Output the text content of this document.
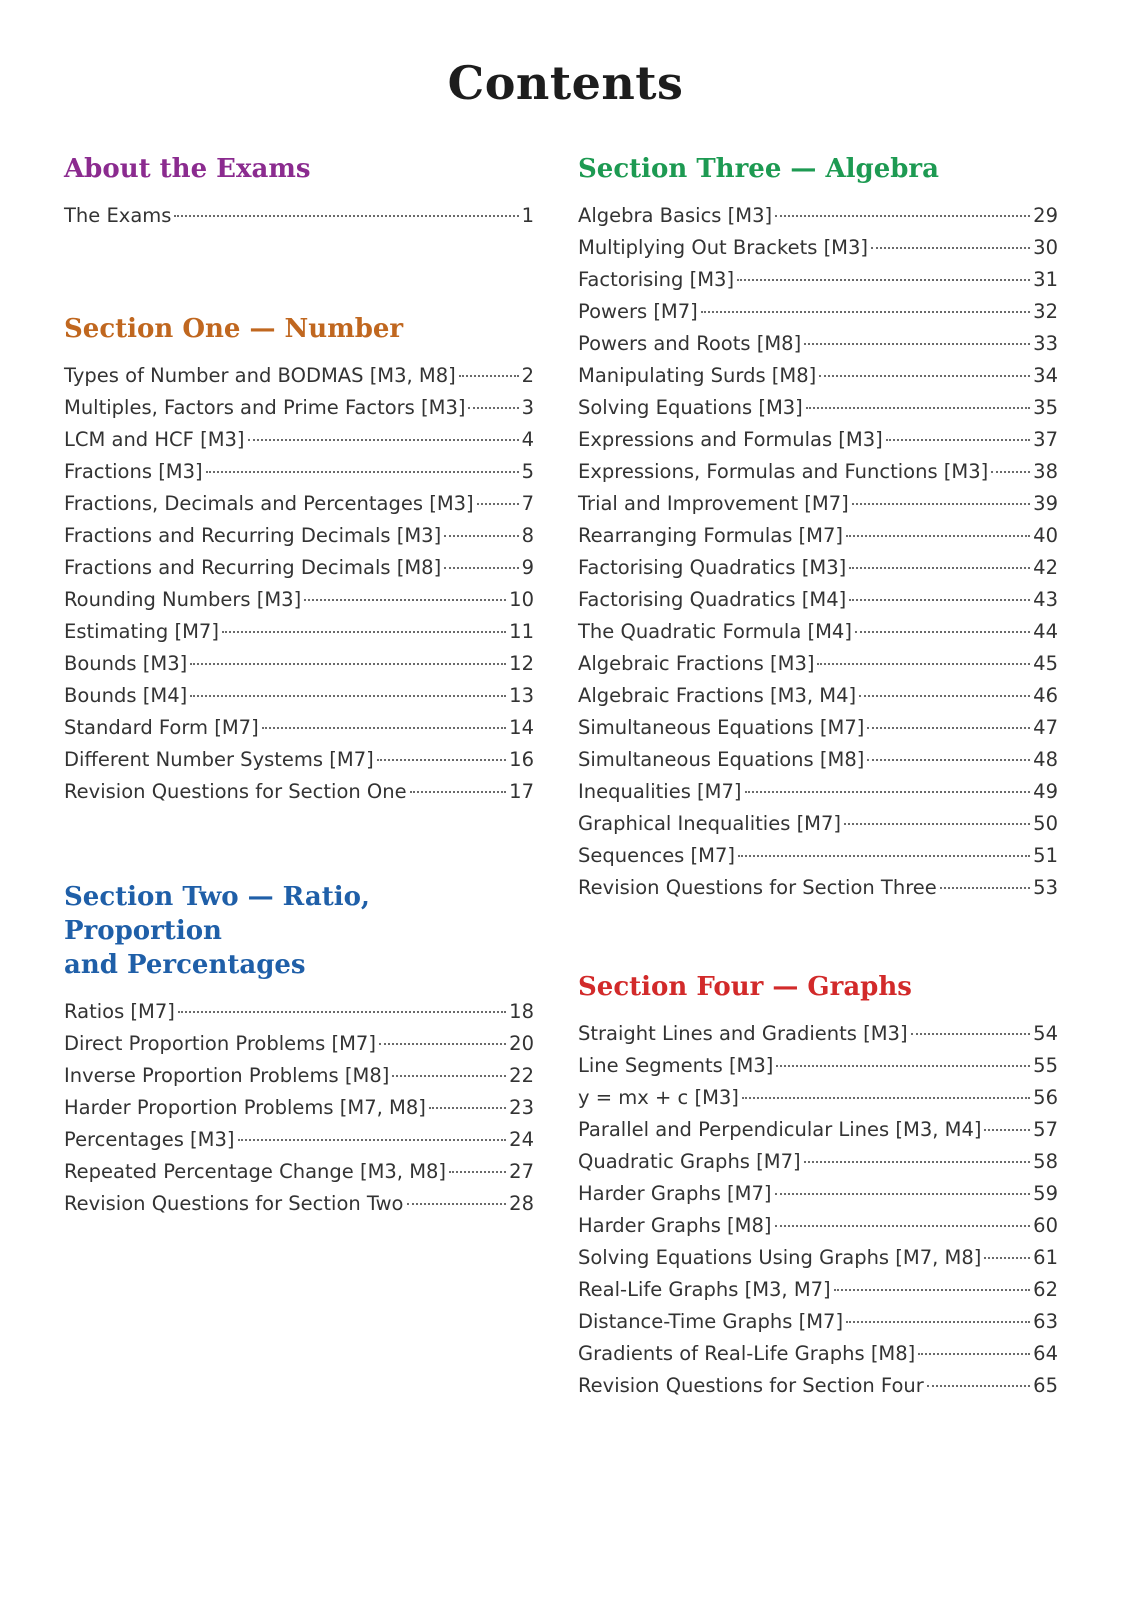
Contents
About the Exams
The Exams	1
Section One — Number
Types of Number and BODMAS [M3, M8]	2
Multiples, Factors and Prime Factors [M3]	3
LCM and HCF [M3]	4
Fractions [M3]	5
Fractions, Decimals and Percentages [M3] 7
Fractions and Recurring Decimals [M3]	8
Fractions and Recurring Decimals [M8]	9
Rounding Numbers [M3]	10
Estimating [M7]	11
Bounds [M3]	12
Bounds [M4]	13
Standard Form [M7]	14
Different Number Systems [M7]	16
Revision Questions for Section One	17
Section Two — Ratio, Proportion
and Percentages
Ratios [M7]	18
Direct Proportion Problems [M7]	20
Inverse Proportion Problems [M8]	22
Harder Proportion Problems [M7, M8]	23
Percentages [M3]	24
Repeated Percentage Change [M3, M8]	27
Revision Questions for Section Two	28
Section Three — Algebra
Algebra Basics [M3]	29
Multiplying Out Brackets [M3]	30
Factorising [M3]	31
Powers [M7]	32
Powers and Roots [M8]	33
Manipulating Surds [M8]	34
Solving Equations [M3]	35
Expressions and Formulas [M3]	37
Expressions, Formulas and Functions [M3] 38
Trial and Improvement [M7]	39
Rearranging Formulas [M7]	40
Factorising Quadratics [M3]	42
Factorising Quadratics [M4]	43
The Quadratic Formula [M4]	44
Algebraic Fractions [M3]	45
Algebraic Fractions [M3, M4]	46
Simultaneous Equations [M7]	47
Simultaneous Equations [M8]	48
Inequalities [M7]	49
Graphical Inequalities [M7]	50
Sequences [M7]	51
Revision Questions for Section Three	53
Section Four — Graphs
Straight Lines and Gradients [M3]	54
Line Segments [M3]	55
y = mx + c [M3]	56
Parallel and Perpendicular Lines [M3, M4]	57
Quadratic Graphs [M7]	58
Harder Graphs [M7]	59
Harder Graphs [M8]	60
Solving Equations Using Graphs [M7, M8]	61
Real-Life Graphs [M3, M7]	62
Distance-Time Graphs [M7]	63
Gradients of Real-Life Graphs [M8]	64
Revision Questions for Section Four	65
